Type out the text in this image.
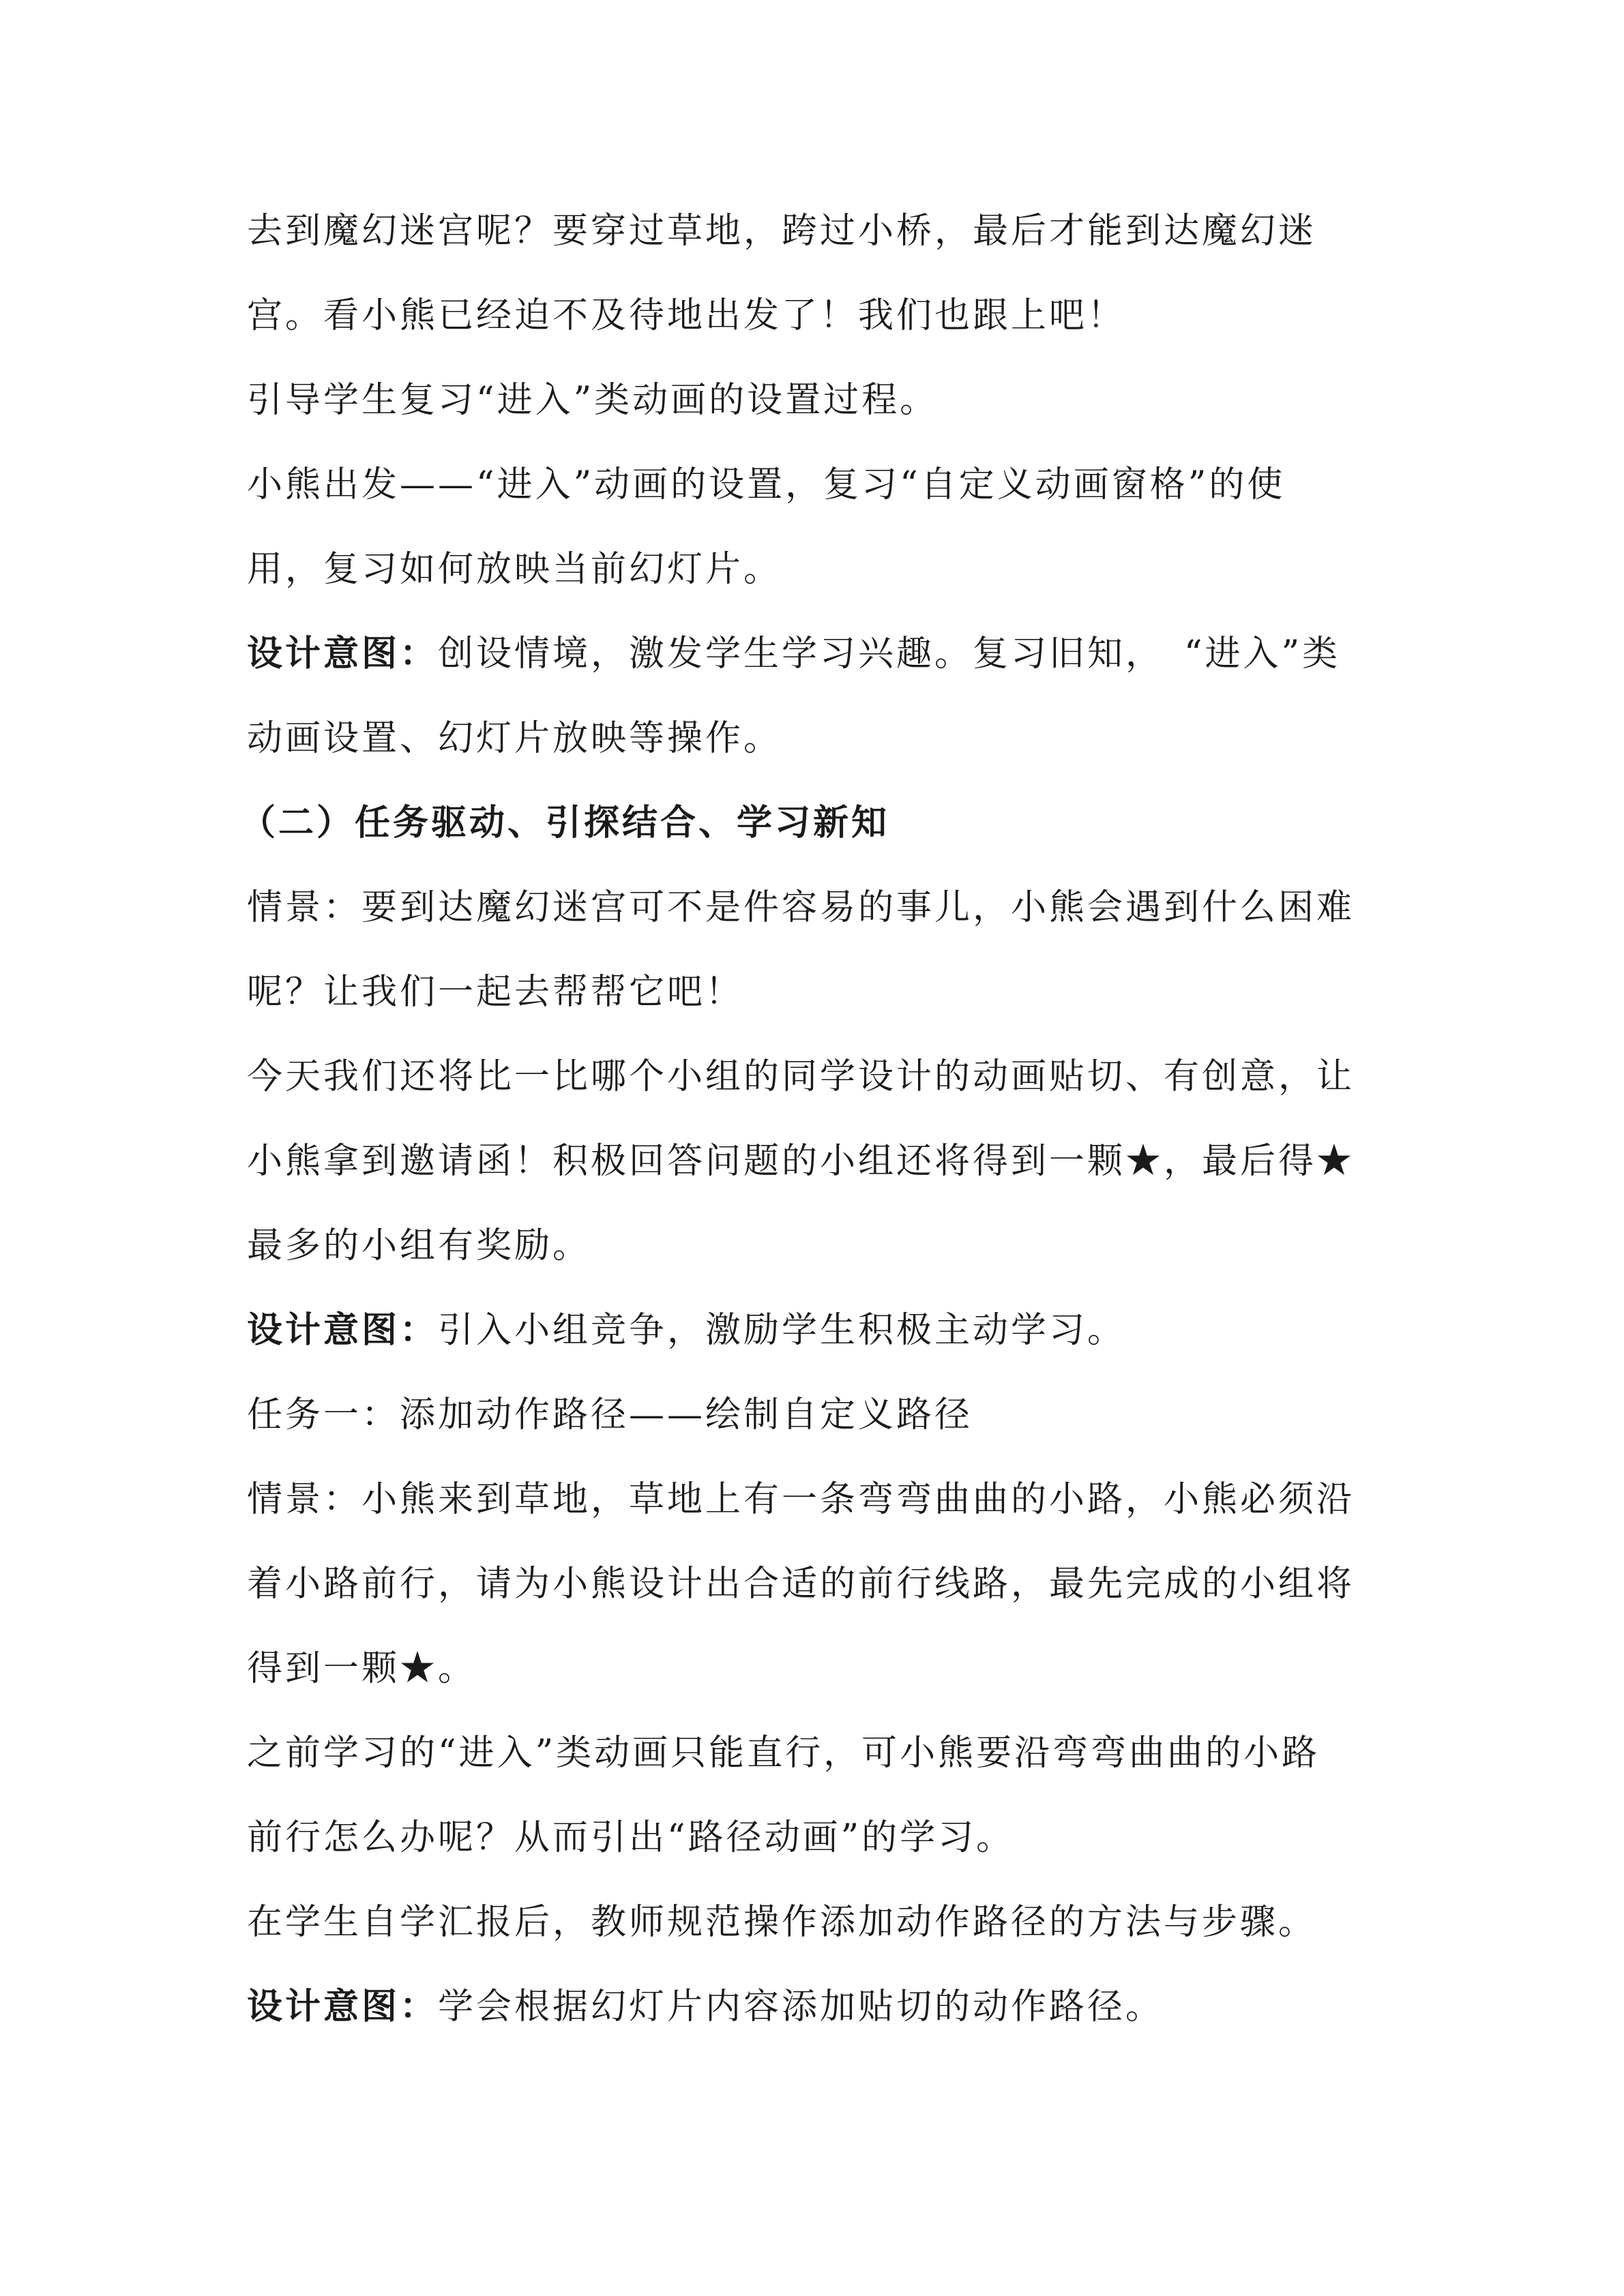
去到魔幻迷宫呢？要穿过草地，跨过小桥，最后才能到达魔幻迷

宫。看小熊已经迫不及待地出发了！我们也跟上吧！

引导学生复习“进入”类动画的设置过程。

小熊出发——“进入”动画的设置，复习“自定义动画窗格”的使

用，复习如何放映当前幻灯片。

设计意图：创设情境，激发学生学习兴趣。复习旧知，　“进入”类

动画设置、幻灯片放映等操作。

（二）任务驱动、引探结合、学习新知

情景：要到达魔幻迷宫可不是件容易的事儿，小熊会遇到什么困难

呢？让我们一起去帮帮它吧！

今天我们还将比一比哪个小组的同学设计的动画贴切、有创意，让

小熊拿到邀请函！积极回答问题的小组还将得到一颗★，最后得★

最多的小组有奖励。

设计意图：引入小组竞争，激励学生积极主动学习。

任务一：添加动作路径——绘制自定义路径

情景：小熊来到草地，草地上有一条弯弯曲曲的小路，小熊必须沿

着小路前行，请为小熊设计出合适的前行线路，最先完成的小组将

得到一颗★。

之前学习的“进入”类动画只能直行，可小熊要沿弯弯曲曲的小路

前行怎么办呢？从而引出“路径动画”的学习。

在学生自学汇报后，教师规范操作添加动作路径的方法与步骤。

设计意图：学会根据幻灯片内容添加贴切的动作路径。
